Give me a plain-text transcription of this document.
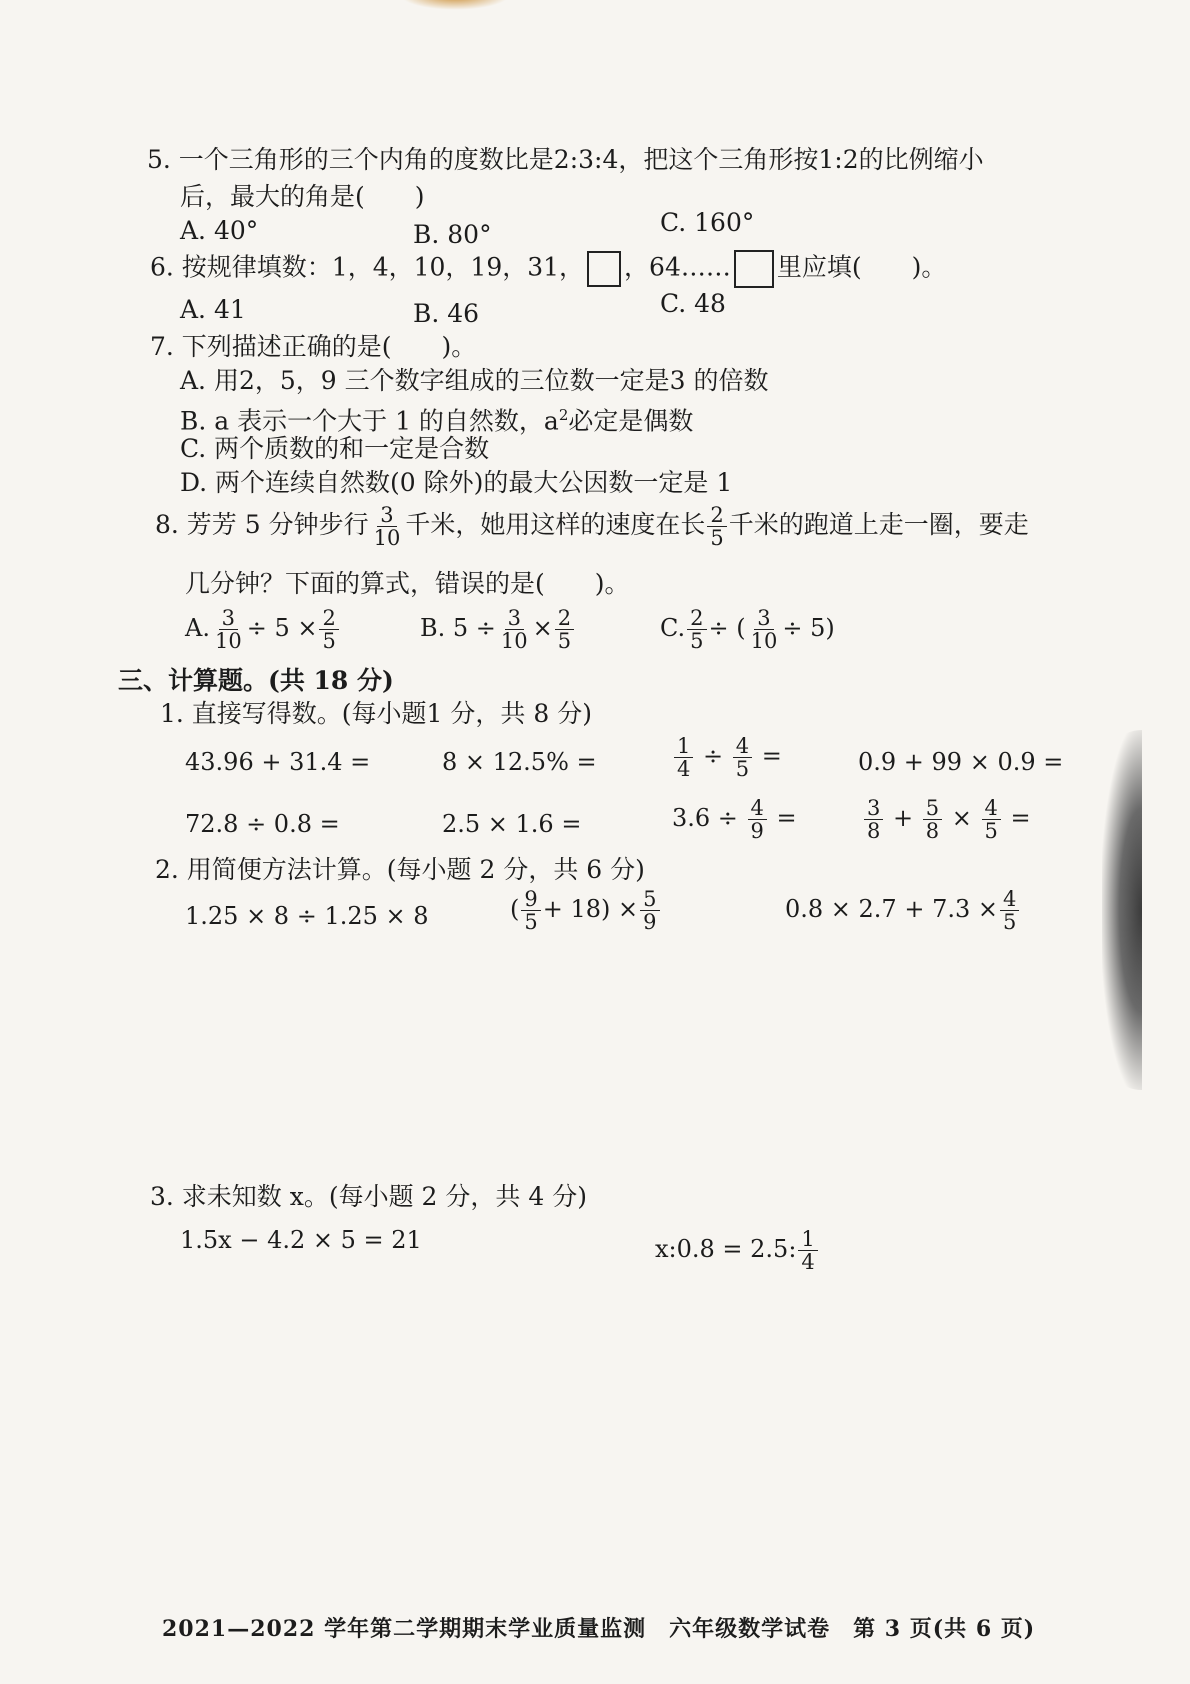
5. 一个三角形的三个内角的度数比是2:3:4，把这个三角形按1:2的比例缩小
后，最大的角是(　　)
A. 40°	B. 80°	C. 160°
6. 按规律填数：1，4，10，19，31， ，64…… 里应填(　　)。
A. 41	B. 46	C. 48
7. 下列描述正确的是(　　)。
A. 用2，5，9 三个数字组成的三位数一定是3 的倍数
B. a 表示一个大于 1 的自然数，$a^2$必定是偶数
C. 两个质数的和一定是合数
D. 两个连续自然数(0 除外)的最大公因数一定是 1
8. 芳芳 5 分钟步行 $\frac{3}{10}$ 千米，她用这样的速度在长 $\frac{2}{5}$ 千米的跑道上走一圈，要走
几分钟？下面的算式，错误的是(　　)。
A. $\frac{3}{10} \div 5 \times \frac{2}{5}$	B. $5 \div \frac{3}{10} \times \frac{2}{5}$	C. $\frac{2}{5}$ ÷ ( $\frac{3}{10} \div 5$)
三、计算题。(共 18 分)
1. 直接写得数。(每小题1 分，共 8 分)
43.96 + 31.4 =	8 × 12.5% =	$\frac{1}{4} \div \frac{4}{5}$ =	0.9 + 99 × 0.9 =
72.8 ÷ 0.8 =	2.5 × 1.6 =	$3.6 \div \frac{4}{9}$ =	$\frac{3}{8} + \frac{5}{8} \times \frac{4}{5}$ =
2. 用简便方法计算。(每小题 2 分，共 6 分)
1.25 × 8 ÷ 1.25 × 8	( $\frac{9}{5} + 18) \times \frac{5}{9}$	$0.8 \times 2.7 + 7.3 \times \frac{4}{5}$
3. 求未知数 x。(每小题 2 分，共 4 分)
1.5x − 4.2 × 5 = 21	x:0.8 = 2.5: $\frac{1}{4}$
2021—2022 学年第二学期期末学业质量监测　六年级数学试卷　第 3 页(共 6 页)
